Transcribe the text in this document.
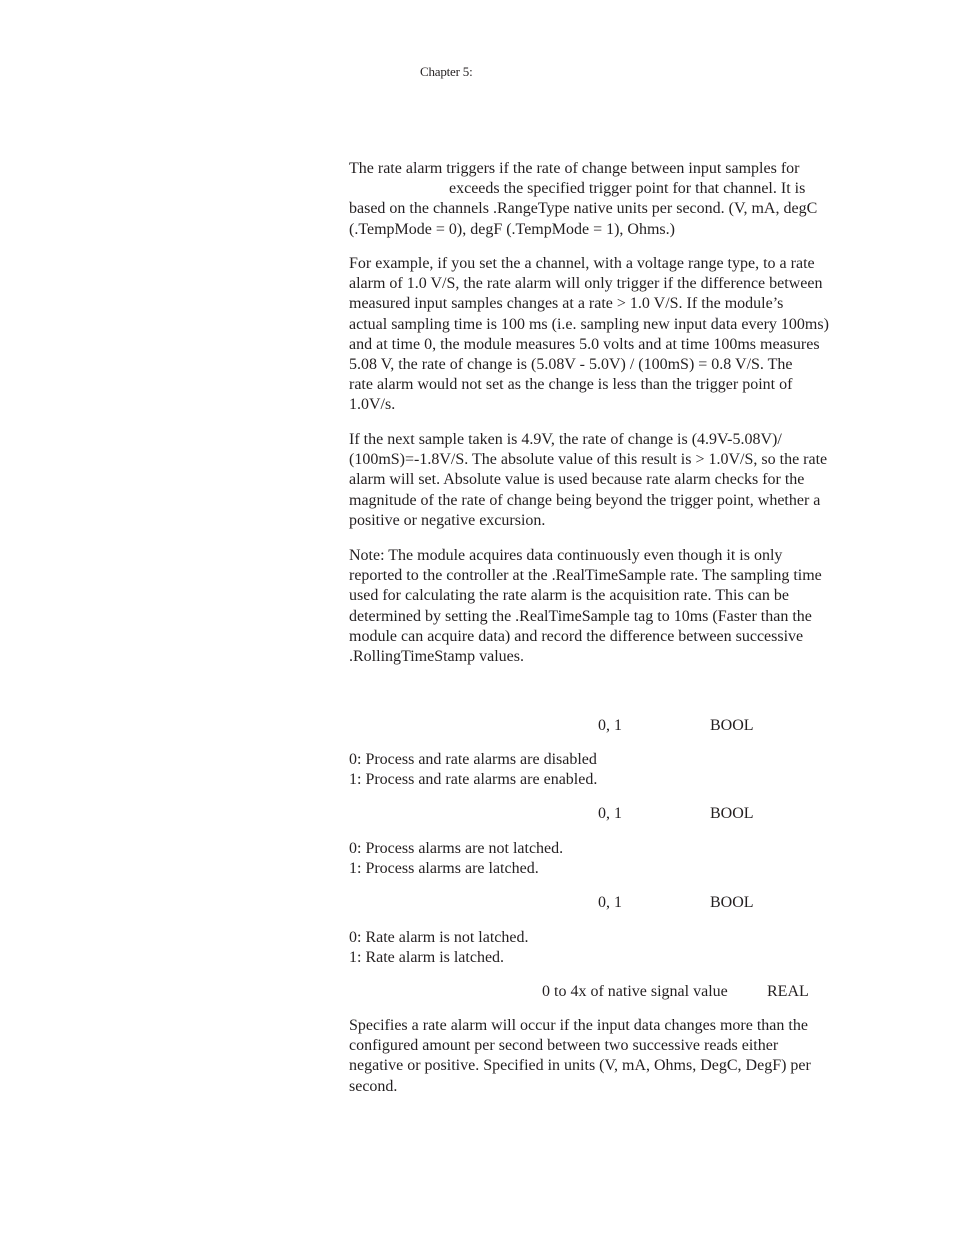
Chapter 5:

The rate alarm triggers if the rate of change between input samples for
exceeds the specified trigger point for that channel. It is
based on the channels .RangeType native units per second. (V, mA, degC
(.TempMode = 0), degF (.TempMode = 1), Ohms.)

For example, if you set the a channel, with a voltage range type, to a rate
alarm of 1.0 V/S, the rate alarm will only trigger if the difference between
measured input samples changes at a rate > 1.0 V/S. If the module’s
actual sampling time is 100 ms (i.e. sampling new input data every 100ms)
and at time 0, the module measures 5.0 volts and at time 100ms measures
5.08 V, the rate of change is (5.08V - 5.0V) / (100mS) = 0.8 V/S. The
rate alarm would not set as the change is less than the trigger point of
1.0V/s.

If the next sample taken is 4.9V, the rate of change is (4.9V-5.08V)/
(100mS)=-1.8V/S. The absolute value of this result is > 1.0V/S, so the rate
alarm will set. Absolute value is used because rate alarm checks for the
magnitude of the rate of change being beyond the trigger point, whether a
positive or negative excursion.

Note: The module acquires data continuously even though it is only
reported to the controller at the .RealTimeSample rate. The sampling time
used for calculating the rate alarm is the acquisition rate. This can be
determined by setting the .RealTimeSample tag to 10ms (Faster than the
module can acquire data) and record the difference between successive
.RollingTimeStamp values.

0, 1	BOOL

0: Process and rate alarms are disabled
1: Process and rate alarms are enabled.

0, 1	BOOL

0: Process alarms are not latched.
1: Process alarms are latched.

0, 1	BOOL

0: Rate alarm is not latched.
1: Rate alarm is latched.

0 to 4x of native signal value REAL

Specifies a rate alarm will occur if the input data changes more than the
configured amount per second between two successive reads either
negative or positive. Specified in units (V, mA, Ohms, DegC, DegF) per
second.
